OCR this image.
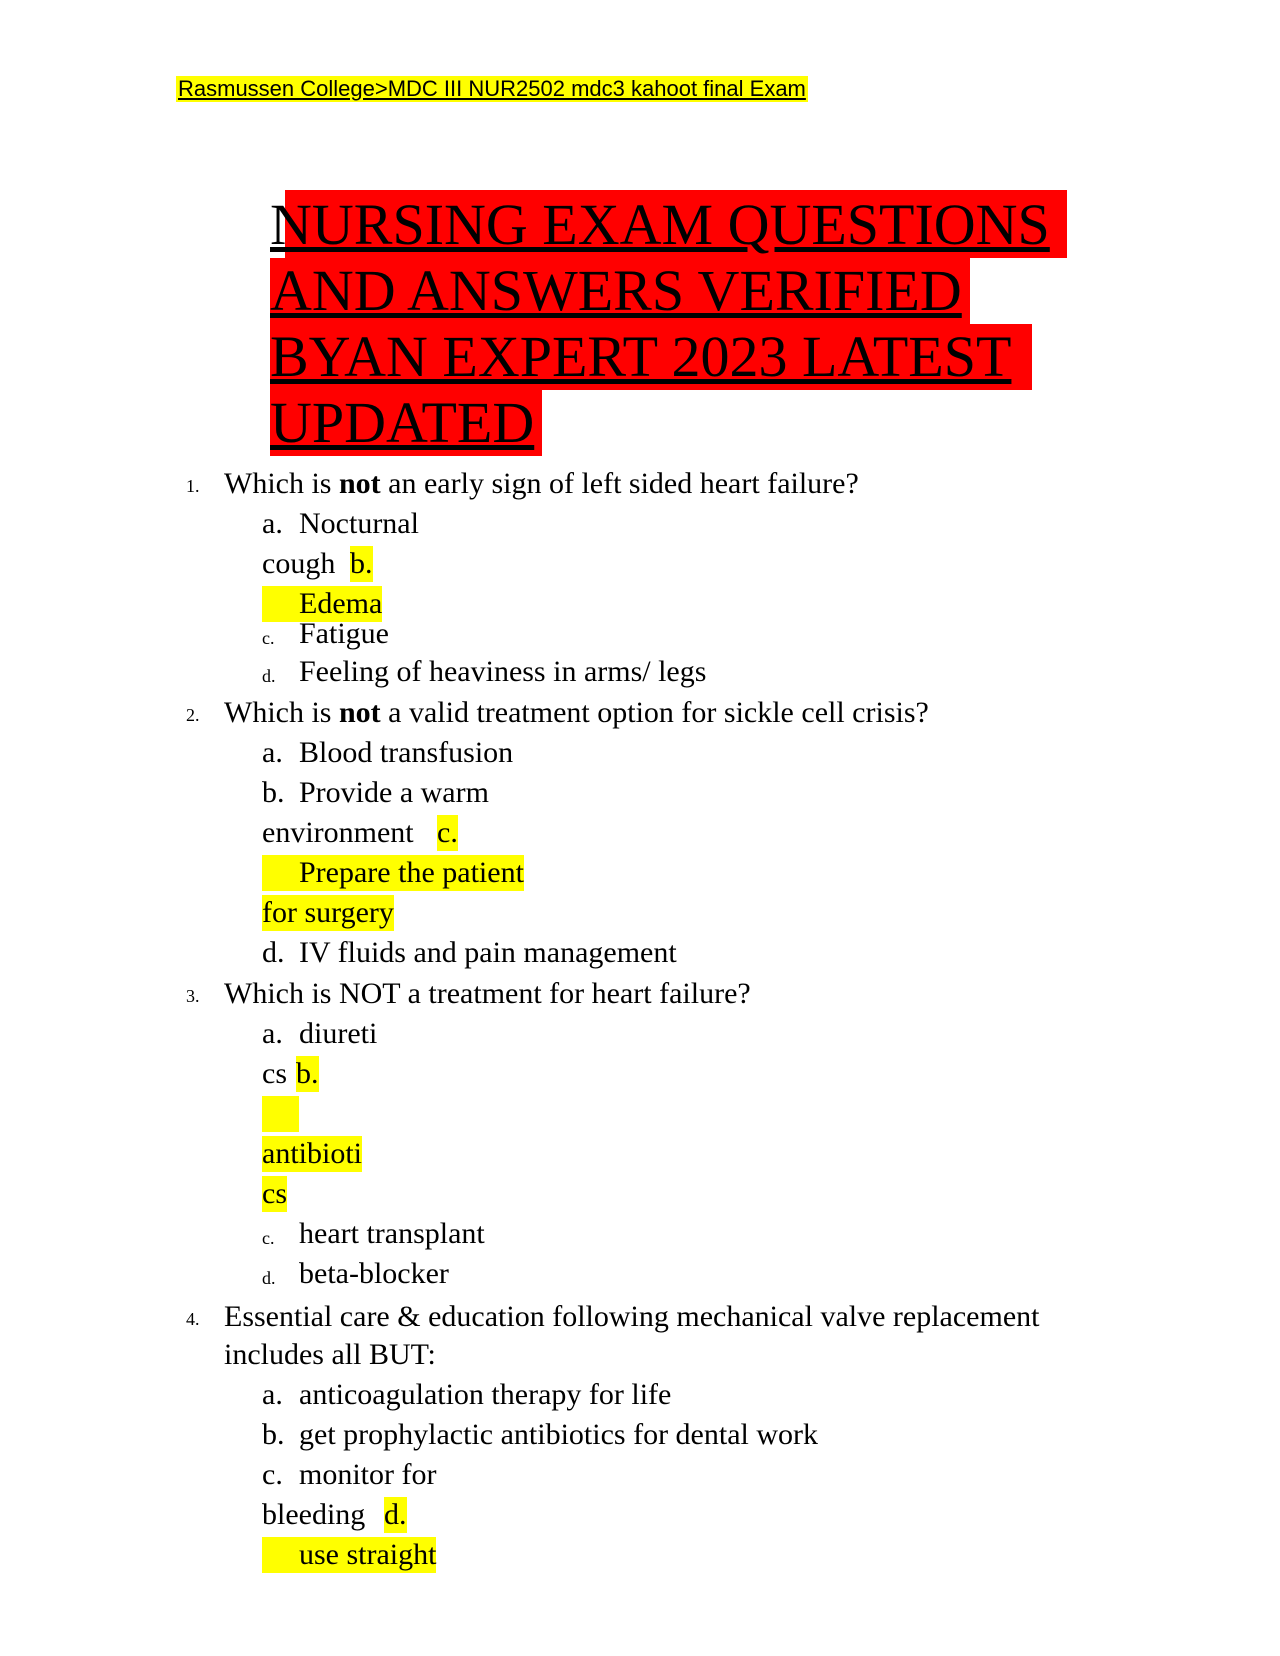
Rasmussen College>MDC III NUR2502 mdc3 kahoot final Exam
NURSING EXAM QUESTIONS
AND ANSWERS VERIFIED
BYAN EXPERT 2023 LATEST
UPDATED
1. Which is not an early sign of left sided heart failure?
a. Nocturnal
cough b.
Edema
c. Fatigue
d. Feeling of heaviness in arms/ legs
2. Which is not a valid treatment option for sickle cell crisis?
a. Blood transfusion
b. Provide a warm
environment c.
Prepare the patient
for surgery
d. IV fluids and pain management
3. Which is NOT a treatment for heart failure?
a. diureti
cs b.
antibioti
cs
c. heart transplant
d. beta-blocker
4. Essential care & education following mechanical valve replacement
includes all BUT:
a. anticoagulation therapy for life
b. get prophylactic antibiotics for dental work
c. monitor for
bleeding d.
use straight
